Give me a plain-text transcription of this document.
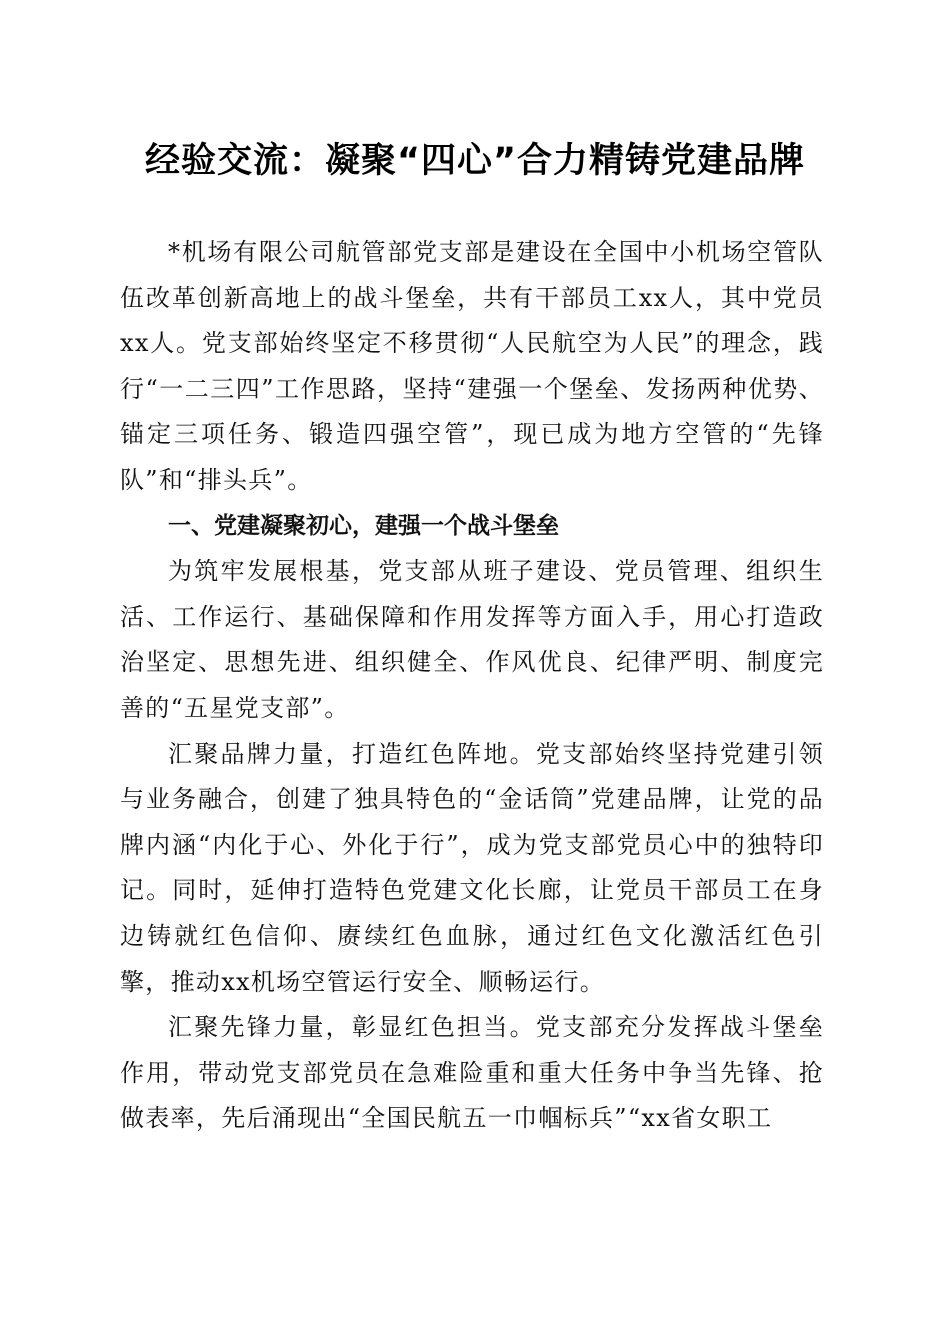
经验交流：凝聚“四心”合力精铸党建品牌

*机场有限公司航管部党支部是建设在全国中小机场空管队伍改革创新高地上的战斗堡垒，共有干部员工xx人，其中党员xx人。党支部始终坚定不移贯彻“人民航空为人民”的理念，践行“一二三四”工作思路，坚持“建强一个堡垒、发扬两种优势、锚定三项任务、锻造四强空管”，现已成为地方空管的“先锋队”和“排头兵”。

一、党建凝聚初心，建强一个战斗堡垒

为筑牢发展根基，党支部从班子建设、党员管理、组织生活、工作运行、基础保障和作用发挥等方面入手，用心打造政治坚定、思想先进、组织健全、作风优良、纪律严明、制度完善的“五星党支部”。

汇聚品牌力量，打造红色阵地。党支部始终坚持党建引领与业务融合，创建了独具特色的“金话筒”党建品牌，让党的品牌内涵“内化于心、外化于行”，成为党支部党员心中的独特印记。同时，延伸打造特色党建文化长廊，让党员干部员工在身边铸就红色信仰、赓续红色血脉，通过红色文化激活红色引擎，推动xx机场空管运行安全、顺畅运行。

汇聚先锋力量，彰显红色担当。党支部充分发挥战斗堡垒作用，带动党支部党员在急难险重和重大任务中争当先锋、抢做表率，先后涌现出“全国民航五一巾帼标兵”“xx省女职工
